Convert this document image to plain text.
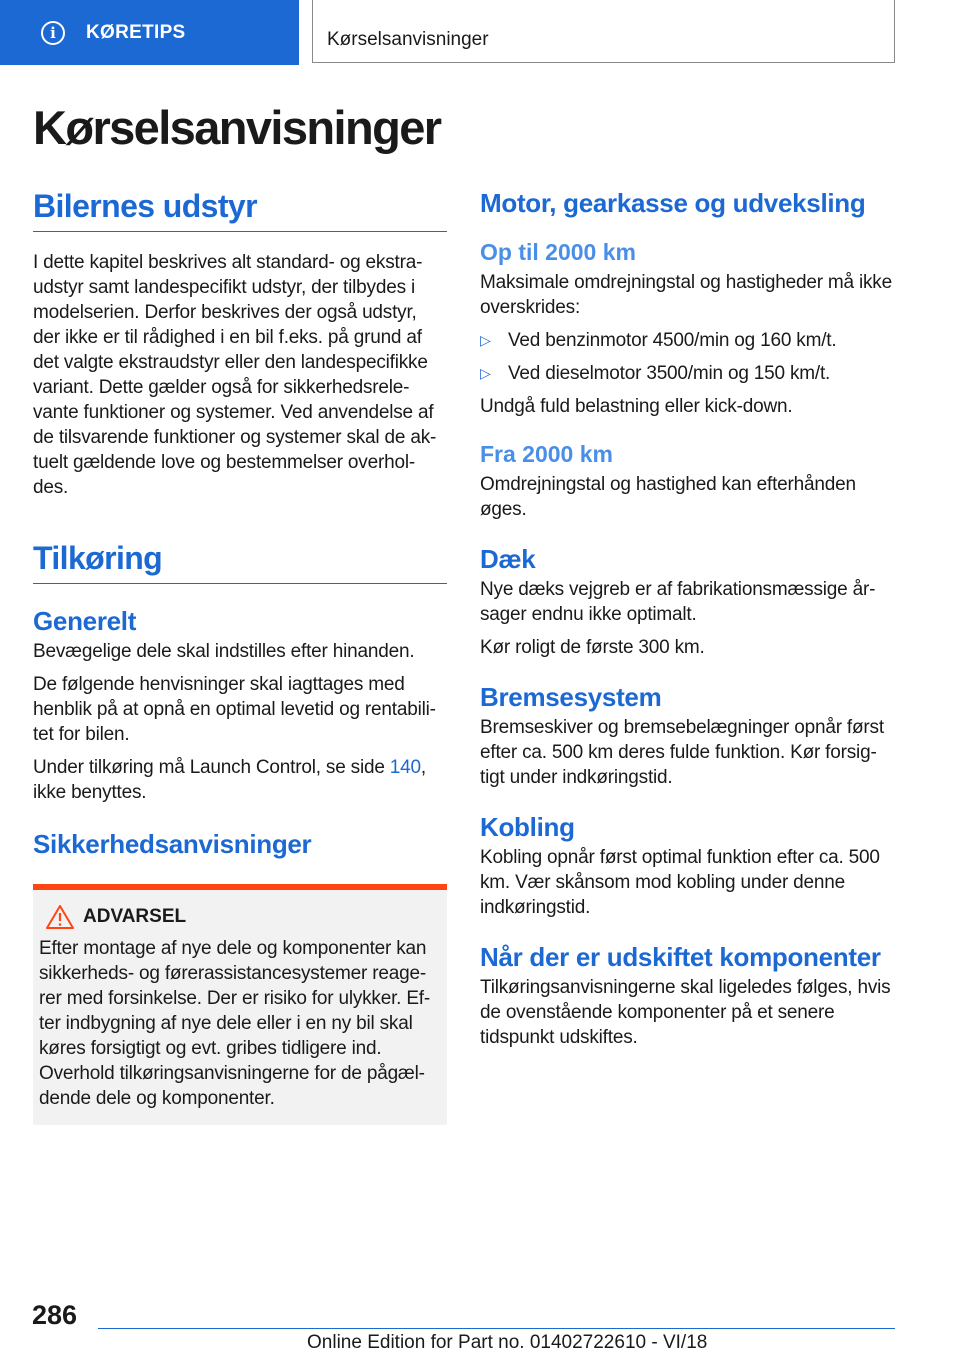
i	KØRETIPS	Kørselsanvisninger
Kørselsanvisninger
Bilernes udstyr

I dette kapitel beskrives alt standard- og ekstra-udstyr samt landespecifikt udstyr, der tilbydes i modelserien. Derfor beskrives der også udstyr, der ikke er til rådighed i en bil f.eks. på grund af det valgte ekstraudstyr eller den landespecifikke variant. Dette gælder også for sikkerhedsrele-vante funktioner og systemer. Ved anvendelse af de tilsvarende funktioner og systemer skal de ak-tuelt gældende love og bestemmelser overhol-des.

Tilkøring
Generelt

Bevægelige dele skal indstilles efter hinanden.

De følgende henvisninger skal iagttages med henblik på at opnå en optimal levetid og rentabili-tet for bilen.

Under tilkøring må Launch Control, se side 140, ikke benyttes.

Sikkerhedsanvisninger
ADVARSEL

Efter montage af nye dele og komponenter kan sikkerheds- og førerassistancesystemer reage-rer med forsinkelse. Der er risiko for ulykker. Ef-ter indbygning af nye dele eller i en ny bil skal køres forsigtigt og evt. gribes tidligere ind. Overhold tilkøringsanvisningerne for de pågæl-dende dele og komponenter.

Motor, gearkasse og udveksling
Op til 2000 km

Maksimale omdrejningstal og hastigheder må ikke overskrides:

▷ Ved benzinmotor 4500/min og 160 km/t.
▷ Ved dieselmotor 3500/min og 150 km/t.

Undgå fuld belastning eller kick-down.

Fra 2000 km

Omdrejningstal og hastighed kan efterhånden øges.

Dæk

Nye dæks vejgreb er af fabrikationsmæssige år-sager endnu ikke optimalt.

Kør roligt de første 300 km.

Bremsesystem

Bremseskiver og bremsebelægninger opnår først efter ca. 500 km deres fulde funktion. Kør forsig-tigt under indkøringstid.

Kobling

Kobling opnår først optimal funktion efter ca. 500 km. Vær skånsom mod kobling under denne indkøringstid.

Når der er udskiftet komponenter

Tilkøringsanvisningerne skal ligeledes følges, hvis de ovenstående komponenter på et senere tidspunkt udskiftes.

286
Online Edition for Part no. 01402722610 - VI/18
